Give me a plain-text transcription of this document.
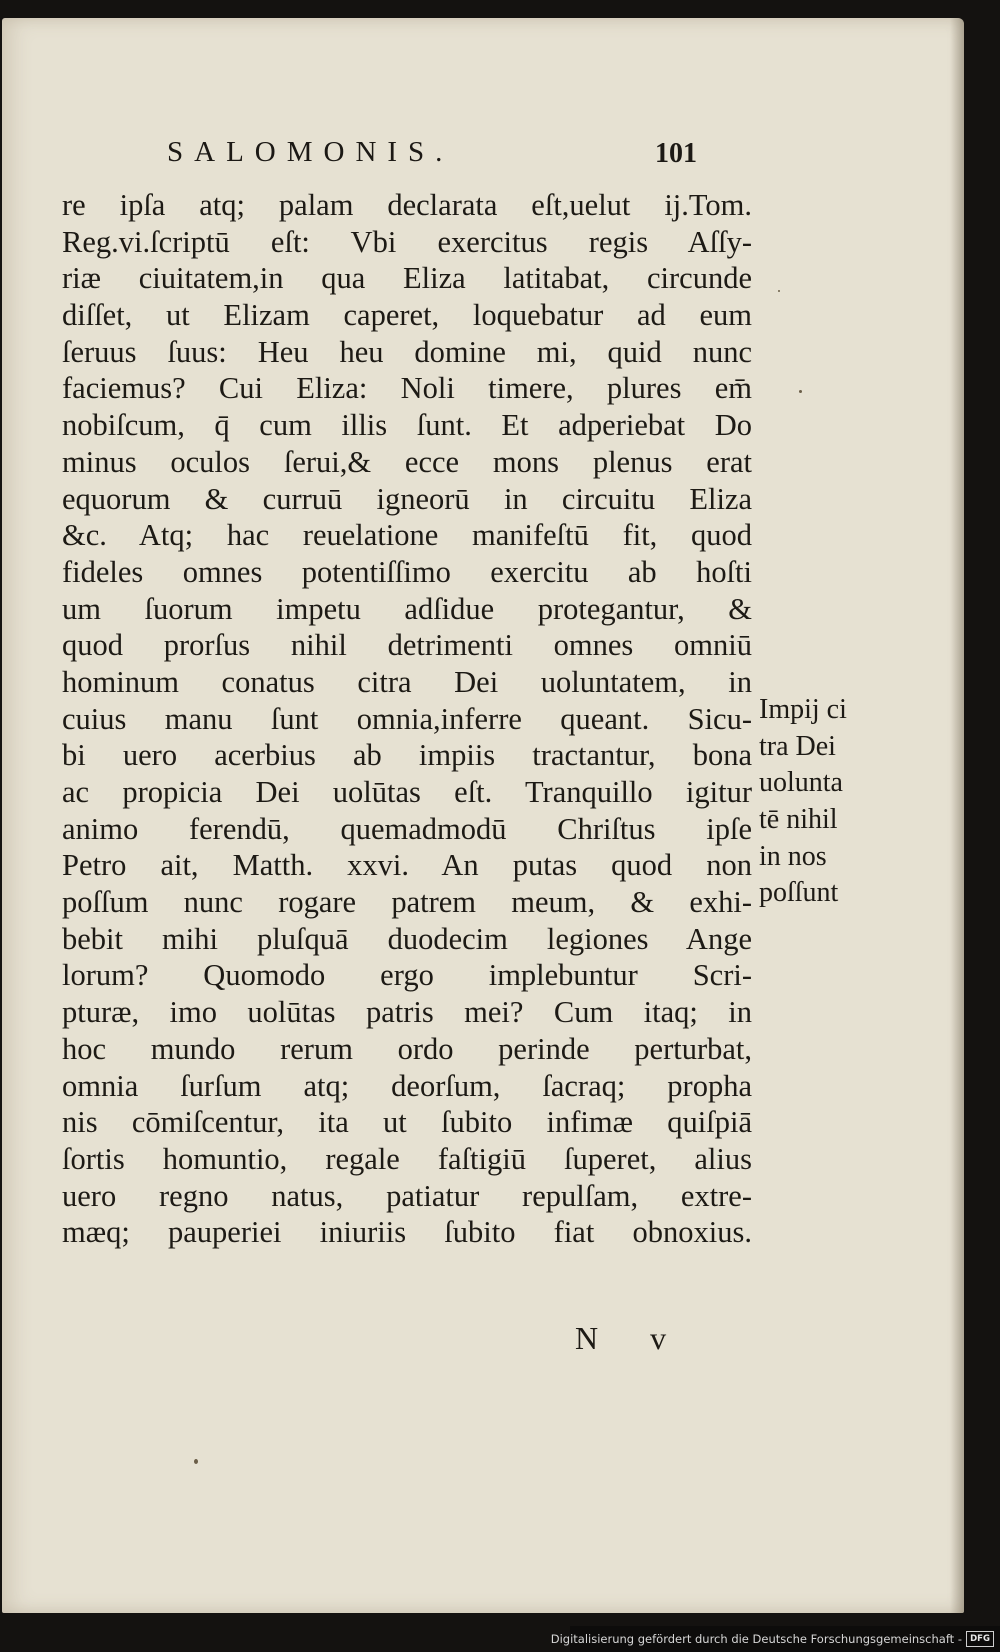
SALOMONIS.	101
re ipſa atq; palam declarata eſt,uelut ij.Tom.
Reg.vi.ſcriptū eſt: Vbi exercitus regis Aſſy-
riæ ciuitatem,in qua Eliza latitabat, circunde
diſſet, ut Elizam caperet, loquebatur ad eum
ſeruus ſuus: Heu heu domine mi, quid nunc
faciemus? Cui Eliza: Noli timere, plures em̄
nobiſcum, q̄ cum illis ſunt. Et adperiebat Do
minus oculos ſerui,& ecce mons plenus erat
equorum & curruū igneorū in circuitu Eliza
&c. Atq; hac reuelatione manifeſtū fit, quod
fideles omnes potentiſſimo exercitu ab hoſti
um ſuorum impetu adſidue protegantur, &
quod prorſus nihil detrimenti omnes omniū
hominum conatus citra Dei uoluntatem, in
cuius manu ſunt omnia,inferre queant. Sicu-
bi uero acerbius ab impiis tractantur, bona
ac propicia Dei uolūtas eſt. Tranquillo igitur
animo ferendū, quemadmodū Chriſtus ipſe
Petro ait, Matth. xxvi. An putas quod non
poſſum nunc rogare patrem meum, & exhi-
bebit mihi pluſquā duodecim legiones Ange
lorum? Quomodo ergo implebuntur Scri-
pturæ, imo uolūtas patris mei? Cum itaq; in
hoc mundo rerum ordo perinde perturbat,
omnia ſurſum atq; deorſum, ſacraq; propha
nis cōmiſcentur, ita ut ſubito infimæ quiſpiā
ſortis homuntio, regale faſtigiū ſuperet, alius
uero regno natus, patiatur repulſam, extre-
mæq; pauperiei iniuriis ſubito fiat obnoxius.
Impij ci
tra Dei
uolunta
tē nihil
in nos
poſſunt
N v
Digitalisierung gefördert durch die Deutsche Forschungsgemeinschaft - DFG
